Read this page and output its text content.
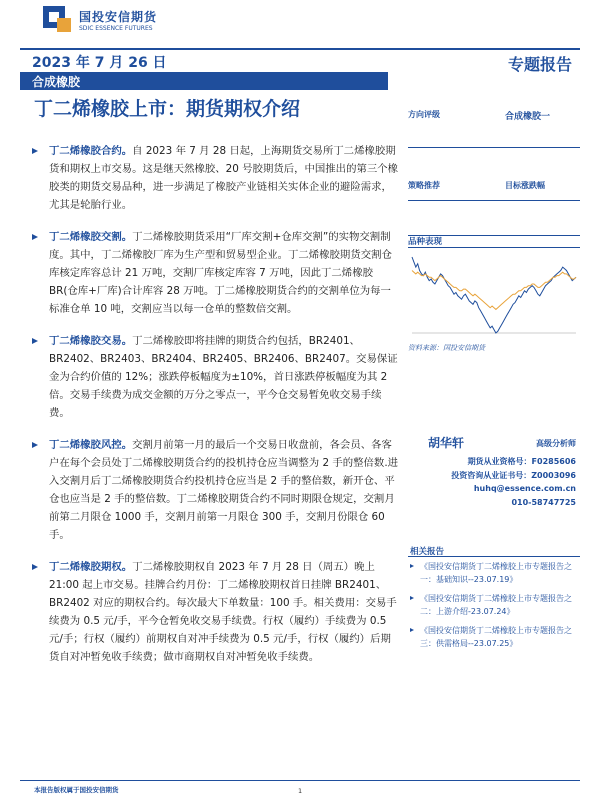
国投安信期货
SDIC ESSENCE FUTURES
2023 年 7 月 26 日	专题报告
合成橡胶
丁二烯橡胶上市：期货期权介绍
丁二烯橡胶合约。自 2023 年 7 月 28 日起，上海期货交易所丁二烯橡胶期货和期权上市交易。这是继天然橡胶、20 号胶期货后，中国推出的第三个橡胶类的期货交易品种，进一步满足了橡胶产业链相关实体企业的避险需求，尤其是轮胎行业。
丁二烯橡胶交割。丁二烯橡胶期货采用“厂库交割+仓库交割”的实物交割制度。其中，丁二烯橡胶厂库为生产型和贸易型企业。丁二烯橡胶期货交割仓库核定库容总计 21 万吨，交割厂库核定库容 7 万吨，因此丁二烯橡胶 BR(仓库+厂库)合计库容 28 万吨。丁二烯橡胶期货合约的交割单位为每一标准仓单 10 吨，交割应当以每一仓单的整数倍交割。
丁二烯橡胶交易。丁二烯橡胶即将挂牌的期货合约包括，BR2401、BR2402、BR2403、BR2404、BR2405、BR2406、BR2407。交易保证金为合约价值的 12%；涨跌停板幅度为±10%，首日涨跌停板幅度为其 2 倍。交易手续费为成交金额的万分之零点一，平今仓交易暂免收交易手续费。
丁二烯橡胶风控。交割月前第一月的最后一个交易日收盘前，各会员、各客户在每个会员处丁二烯橡胶期货合约的投机持仓应当调整为 2 手的整倍数.进入交割月后丁二烯橡胶期货合约投机持仓应当是 2 手的整倍数，新开仓、平仓也应当是 2 手的整倍数。丁二烯橡胶期货合约不同时期限仓规定，交割月前第二月限仓 1000 手，交割月前第一月限仓 300 手，交割月份限仓 60 手。
丁二烯橡胶期权。丁二烯橡胶期权自 2023 年 7 月 28 日（周五）晚上 21:00 起上市交易。挂牌合约月份：丁二烯橡胶期权首日挂牌 BR2401、BR2402 对应的期权合约。每次最大下单数量：100 手。相关费用：交易手续费为 0.5 元/手，平今仓暂免收交易手续费。行权（履约）手续费为 0.5 元/手；行权（履约）前期权自对冲手续费为 0.5 元/手，行权（履约）后期货自对冲暂免收手续费；做市商期权自对冲暂免收手续费。
方向评级	合成橡胶一
策略推荐	目标涨跌幅
品种表现
资料来源：国投安信期货
胡华轩	高级分析师
期货从业资格号：F0285606
投资咨询从业证书号：Z0003096
huhq@essence.com.cn
010-58747725
相关报告
《国投安信期货丁二烯橡胶上市专题报告之一：基础知识--23.07.19》
《国投安信期货丁二烯橡胶上市专题报告之二：上游介绍-23.07.24》
《国投安信期货丁二烯橡胶上市专题报告之三：供需格局--23.07.25》
本报告版权属于国投安信期货	1
